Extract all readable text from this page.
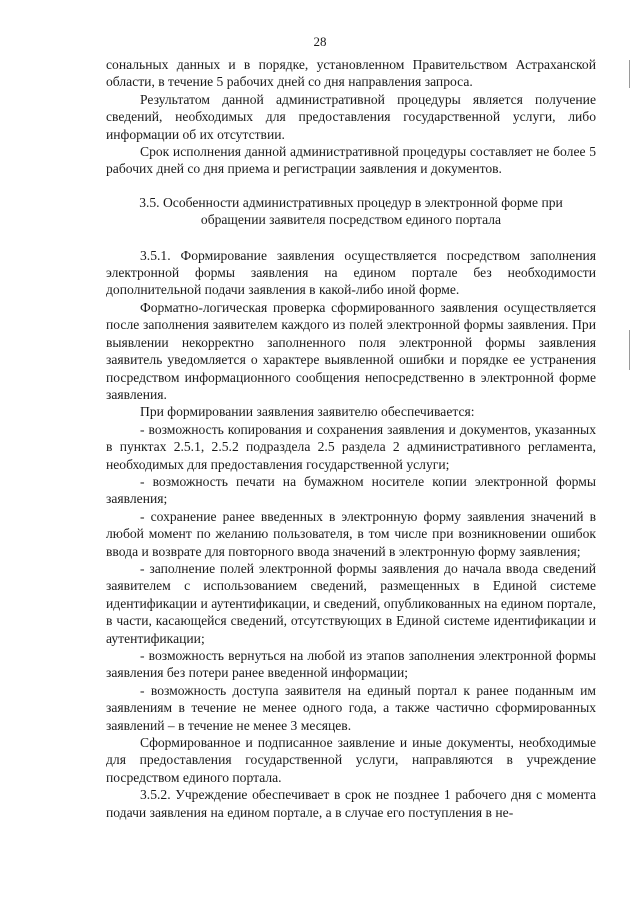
28

сональных данных и в порядке, установленном Правительством Астраханской области, в течение 5 рабочих дней со дня направления запроса.

Результатом данной административной процедуры является получение сведений, необходимых для предоставления государственной услуги, либо информации об их отсутствии.

Срок исполнения данной административной процедуры составляет не более 5 рабочих дней со дня приема и регистрации заявления и документов.

3.5. Особенности административных процедур в электронной форме при обращении заявителя посредством единого портала

3.5.1. Формирование заявления осуществляется посредством заполнения электронной формы заявления на едином портале без необходимости дополнительной подачи заявления в какой-либо иной форме.

Форматно-логическая проверка сформированного заявления осуществляется после заполнения заявителем каждого из полей электронной формы заявления. При выявлении некорректно заполненного поля электронной формы заявления заявитель уведомляется о характере выявленной ошибки и порядке ее устранения посредством информационного сообщения непосредственно в электронной форме заявления.

При формировании заявления заявителю обеспечивается:

- возможность копирования и сохранения заявления и документов, указанных в пунктах 2.5.1, 2.5.2 подраздела 2.5 раздела 2 административного регламента, необходимых для предоставления государственной услуги;

- возможность печати на бумажном носителе копии электронной формы заявления;

- сохранение ранее введенных в электронную форму заявления значений в любой момент по желанию пользователя, в том числе при возникновении ошибок ввода и возврате для повторного ввода значений в электронную форму заявления;

- заполнение полей электронной формы заявления до начала ввода сведений заявителем с использованием сведений, размещенных в Единой системе идентификации и аутентификации, и сведений, опубликованных на едином портале, в части, касающейся сведений, отсутствующих в Единой системе идентификации и аутентификации;

- возможность вернуться на любой из этапов заполнения электронной формы заявления без потери ранее введенной информации;

- возможность доступа заявителя на единый портал к ранее поданным им заявлениям в течение не менее одного года, а также частично сформированных заявлений – в течение не менее 3 месяцев.

Сформированное и подписанное заявление и иные документы, необходимые для предоставления государственной услуги, направляются в учреждение посредством единого портала.

3.5.2. Учреждение обеспечивает в срок не позднее 1 рабочего дня с момента подачи заявления на едином портале, а в случае его поступления в не-
